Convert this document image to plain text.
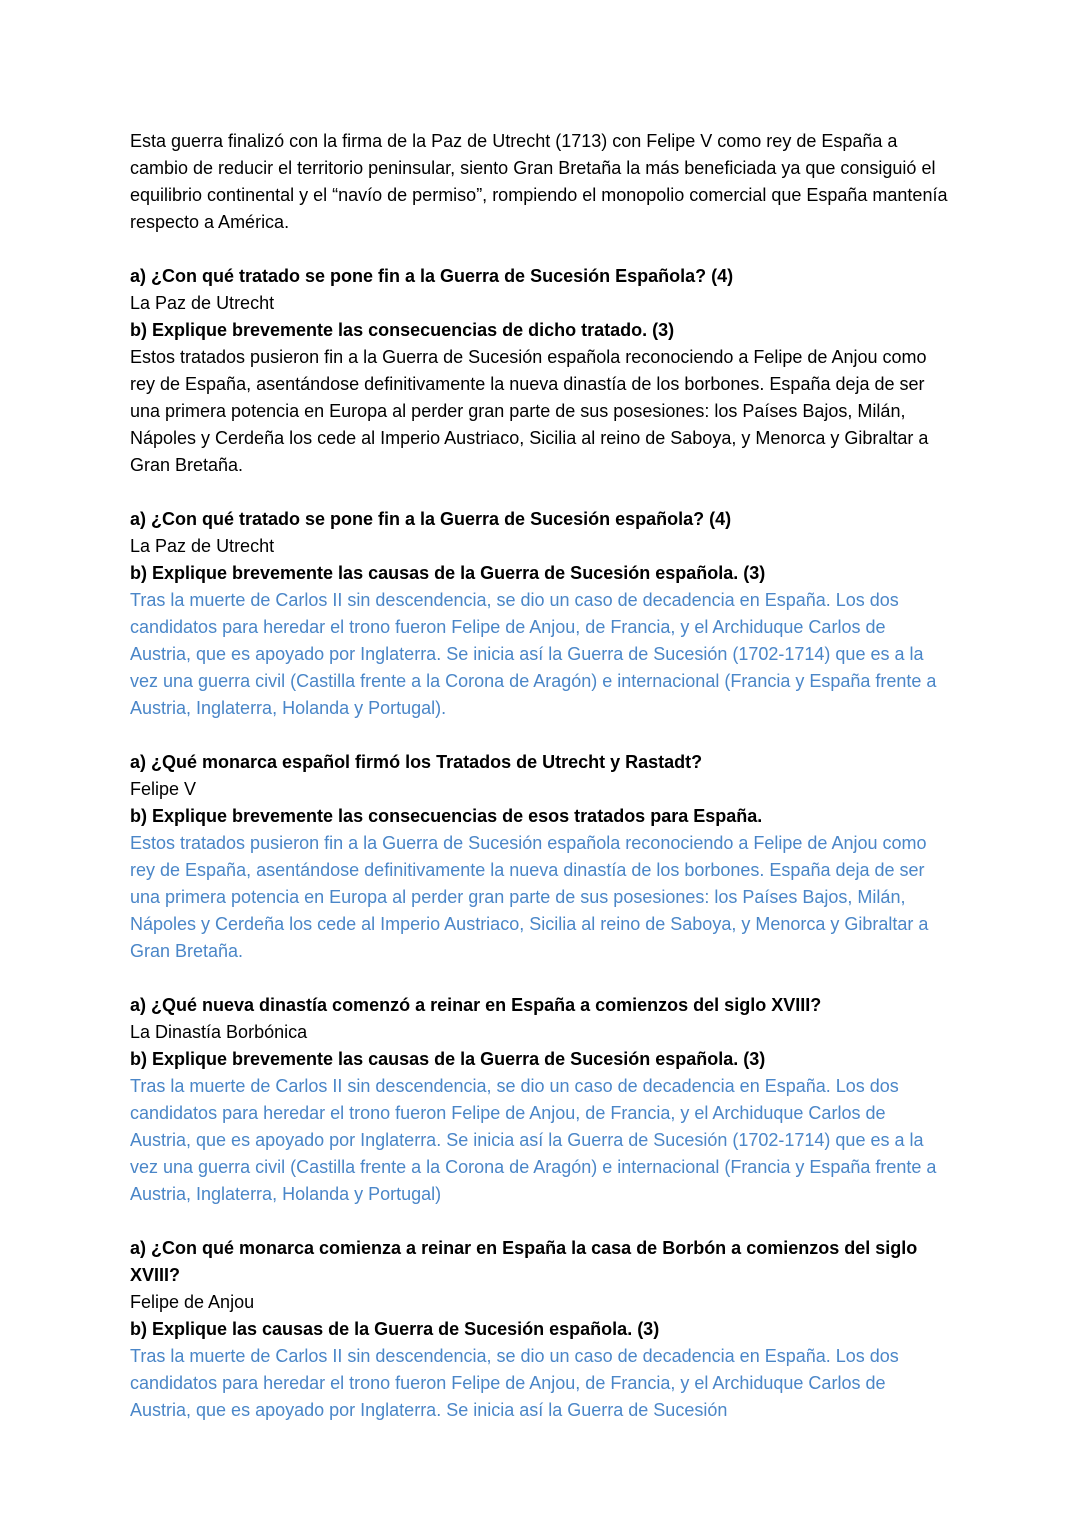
Esta guerra finalizó con la firma de la Paz de Utrecht (1713) con Felipe V como rey de España a cambio de reducir el territorio peninsular, siento Gran Bretaña la más beneficiada ya que consiguió el equilibrio continental y el “navío de permiso”, rompiendo el monopolio comercial que España mantenía respecto a América.

a) ¿Con qué tratado se pone fin a la Guerra de Sucesión Española? (4)

La Paz de Utrecht

b) Explique brevemente las consecuencias de dicho tratado. (3)

Estos tratados pusieron fin a la Guerra de Sucesión española reconociendo a Felipe de Anjou como rey de España, asentándose definitivamente la nueva dinastía de los borbones. España deja de ser una primera potencia en Europa al perder gran parte de sus posesiones: los Países Bajos, Milán, Nápoles y Cerdeña los cede al Imperio Austriaco, Sicilia al reino de Saboya, y Menorca y Gibraltar a Gran Bretaña.

a) ¿Con qué tratado se pone fin a la Guerra de Sucesión española? (4)

La Paz de Utrecht

b) Explique brevemente las causas de la Guerra de Sucesión española. (3)

Tras la muerte de Carlos II sin descendencia, se dio un caso de decadencia en España. Los dos candidatos para heredar el trono fueron Felipe de Anjou, de Francia, y el Archiduque Carlos de Austria, que es apoyado por Inglaterra. Se inicia así la Guerra de Sucesión (1702-1714) que es a la vez una guerra civil (Castilla frente a la Corona de Aragón) e internacional (Francia y España frente a Austria, Inglaterra, Holanda y Portugal).

a) ¿Qué monarca español firmó los Tratados de Utrecht y Rastadt?

Felipe V

b) Explique brevemente las consecuencias de esos tratados para España.

Estos tratados pusieron fin a la Guerra de Sucesión española reconociendo a Felipe de Anjou como rey de España, asentándose definitivamente la nueva dinastía de los borbones. España deja de ser una primera potencia en Europa al perder gran parte de sus posesiones: los Países Bajos, Milán, Nápoles y Cerdeña los cede al Imperio Austriaco, Sicilia al reino de Saboya, y Menorca y Gibraltar a Gran Bretaña.

a) ¿Qué nueva dinastía comenzó a reinar en España a comienzos del siglo XVIII?

La Dinastía Borbónica

b) Explique brevemente las causas de la Guerra de Sucesión española. (3)

Tras la muerte de Carlos II sin descendencia, se dio un caso de decadencia en España. Los dos candidatos para heredar el trono fueron Felipe de Anjou, de Francia, y el Archiduque Carlos de Austria, que es apoyado por Inglaterra. Se inicia así la Guerra de Sucesión (1702-1714) que es a la vez una guerra civil (Castilla frente a la Corona de Aragón) e internacional (Francia y España frente a Austria, Inglaterra, Holanda y Portugal)

a) ¿Con qué monarca comienza a reinar en España la casa de Borbón a comienzos del siglo XVIII?

Felipe de Anjou

b) Explique las causas de la Guerra de Sucesión española. (3)

Tras la muerte de Carlos II sin descendencia, se dio un caso de decadencia en España. Los dos candidatos para heredar el trono fueron Felipe de Anjou, de Francia, y el Archiduque Carlos de Austria, que es apoyado por Inglaterra. Se inicia así la Guerra de Sucesión
